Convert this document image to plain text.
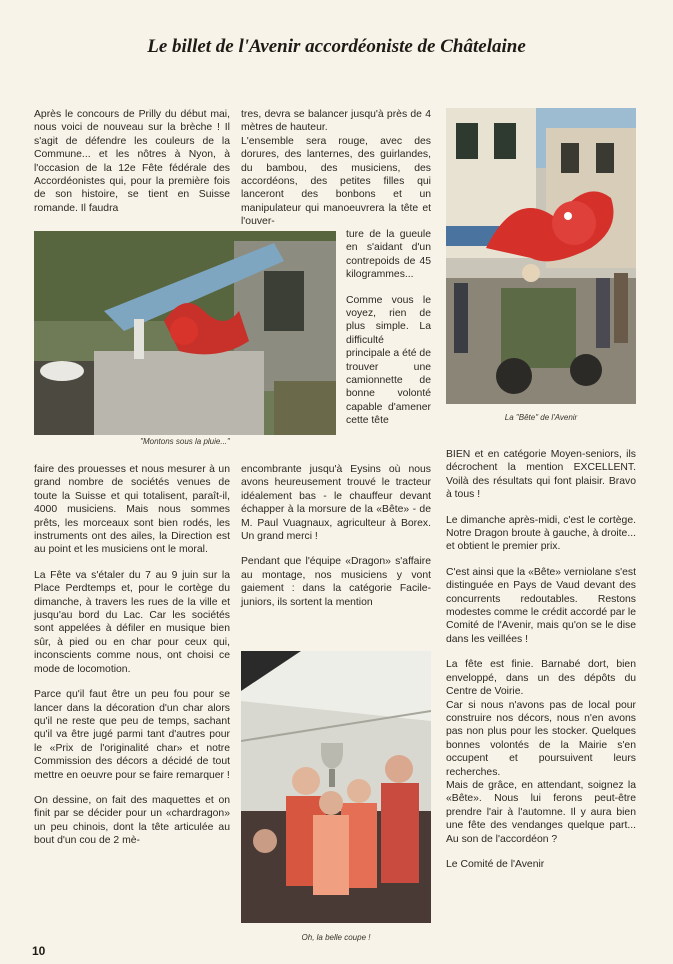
Le billet de l'Avenir accordéoniste de Châtelaine

Après le concours de Prilly du début mai, nous voici de nouveau sur la brèche ! Il s'agit de défendre les couleurs de la Commune... et les nôtres à Nyon, à l'occasion de la 12e Fête fédérale des Accordéonistes qui, pour la première fois de son histoire, se tient en Suisse romande. Il faudra

"Montons sous la pluie..."

faire des prouesses et nous mesurer à un grand nombre de sociétés venues de toute la Suisse et qui totalisent, paraît-il, 4000 musiciens. Mais nous sommes prêts, les morceaux sont bien rodés, les instruments ont des ailes, la Direction est au point et les musiciens ont le moral.

La Fête va s'étaler du 7 au 9 juin sur la Place Perdtemps et, pour le cortège du dimanche, à travers les rues de la ville et jusqu'au bord du Lac. Car les sociétés sont appelées à défiler en musique bien sûr, à pied ou en char pour ceux qui, inconscients comme nous, ont choisi ce mode de locomotion.

Parce qu'il faut être un peu fou pour se lancer dans la décoration d'un char alors qu'il ne reste que peu de temps, sachant qu'il va être jugé parmi tant d'autres pour le «Prix de l'originalité char» et notre Commission des décors a décidé de tout mettre en oeuvre pour se faire remarquer !

On dessine, on fait des maquettes et on finit par se décider pour un «chardragon» un peu chinois, dont la tête articulée au bout d'un cou de 2 mè-

tres, devra se balancer jusqu'à près de 4 mètres de hauteur.

L'ensemble sera rouge, avec des dorures, des lanternes, des guirlandes, du bambou, des musiciens, des accordéons, des petites filles qui lanceront des bonbons et un manipulateur qui manoeuvrera la tête et l'ouver-

ture de la gueule en s'aidant d'un contrepoids de 45 kilogrammes...

Comme vous le voyez, rien de plus simple. La difficulté principale a été de trouver une camionnette de bonne volonté capable d'amener cette tête

encombrante jusqu'à Eysins où nous avons heureusement trouvé le tracteur idéalement bas - le chauffeur devant échapper à la morsure de la «Bête» - de M. Paul Vuagnaux, agriculteur à Borex. Un grand merci !

Pendant que l'équipe «Dragon» s'affaire au montage, nos musiciens y vont gaiement : dans la catégorie Facile-juniors, ils sortent la mention

Oh, la belle coupe !
La "Bête" de l'Avenir

BIEN et en catégorie Moyen-seniors, ils décrochent la mention EXCELLENT. Voilà des résultats qui font plaisir. Bravo à tous !

Le dimanche après-midi, c'est le cortège. Notre Dragon broute à gauche, à droite... et obtient le premier prix.

C'est ainsi que la «Bête» verniolane s'est distinguée en Pays de Vaud devant des concurrents redoutables. Restons modestes comme le crédit accordé par le Comité de l'Avenir, mais qu'on se le dise dans les veillées !

La fête est finie. Barnabé dort, bien enveloppé, dans un des dépôts du Centre de Voirie.

Car si nous n'avons pas de local pour construire nos décors, nous n'en avons pas non plus pour les stocker. Quelques bonnes volontés de la Mairie s'en occupent et poursuivent leurs recherches.

Mais de grâce, en attendant, soignez la «Bête». Nous lui ferons peut-être prendre l'air à l'automne. Il y aura bien une fête des vendanges quelque part... Au son de l'accordéon ?

Le Comité de l'Avenir

10
